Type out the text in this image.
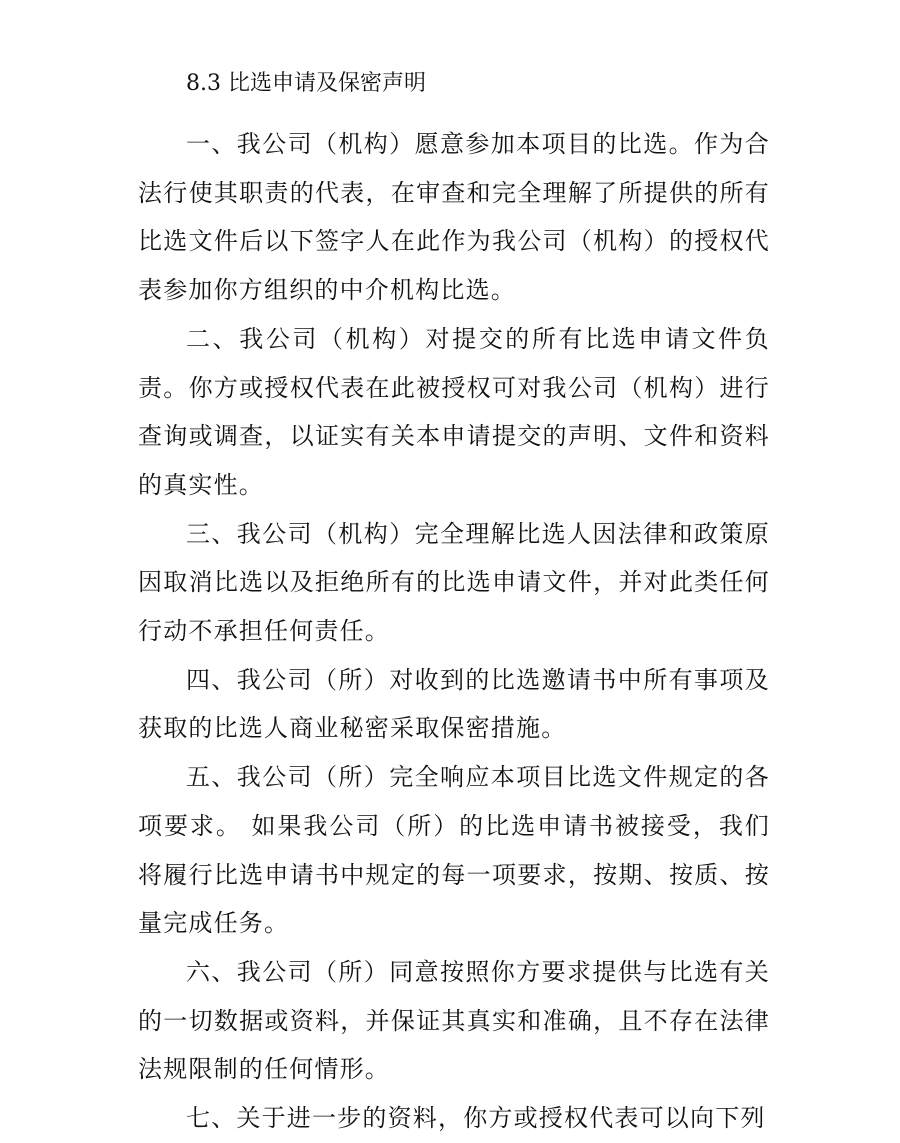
8.3 比选申请及保密声明

一、我公司（机构）愿意参加本项目的比选。作为合法行使其职责的代表，在审查和完全理解了所提供的所有比选文件后以下签字人在此作为我公司（机构）的授权代表参加你方组织的中介机构比选。

二、我公司（机构）对提交的所有比选申请文件负责。你方或授权代表在此被授权可对我公司（机构）进行查询或调查，以证实有关本申请提交的声明、文件和资料的真实性。

三、我公司（机构）完全理解比选人因法律和政策原因取消比选以及拒绝所有的比选申请文件，并对此类任何行动不承担任何责任。

四、我公司（所）对收到的比选邀请书中所有事项及获取的比选人商业秘密采取保密措施。

五、我公司（所）完全响应本项目比选文件规定的各项要求。 如果我公司（所）的比选申请书被接受，我们将履行比选申请书中规定的每一项要求，按期、按质、按量完成任务。

六、我公司（所）同意按照你方要求提供与比选有关的一切数据或资料，并保证其真实和准确，且不存在法律法规限制的任何情形。

七、关于进一步的资料，你方或授权代表可以向下列
